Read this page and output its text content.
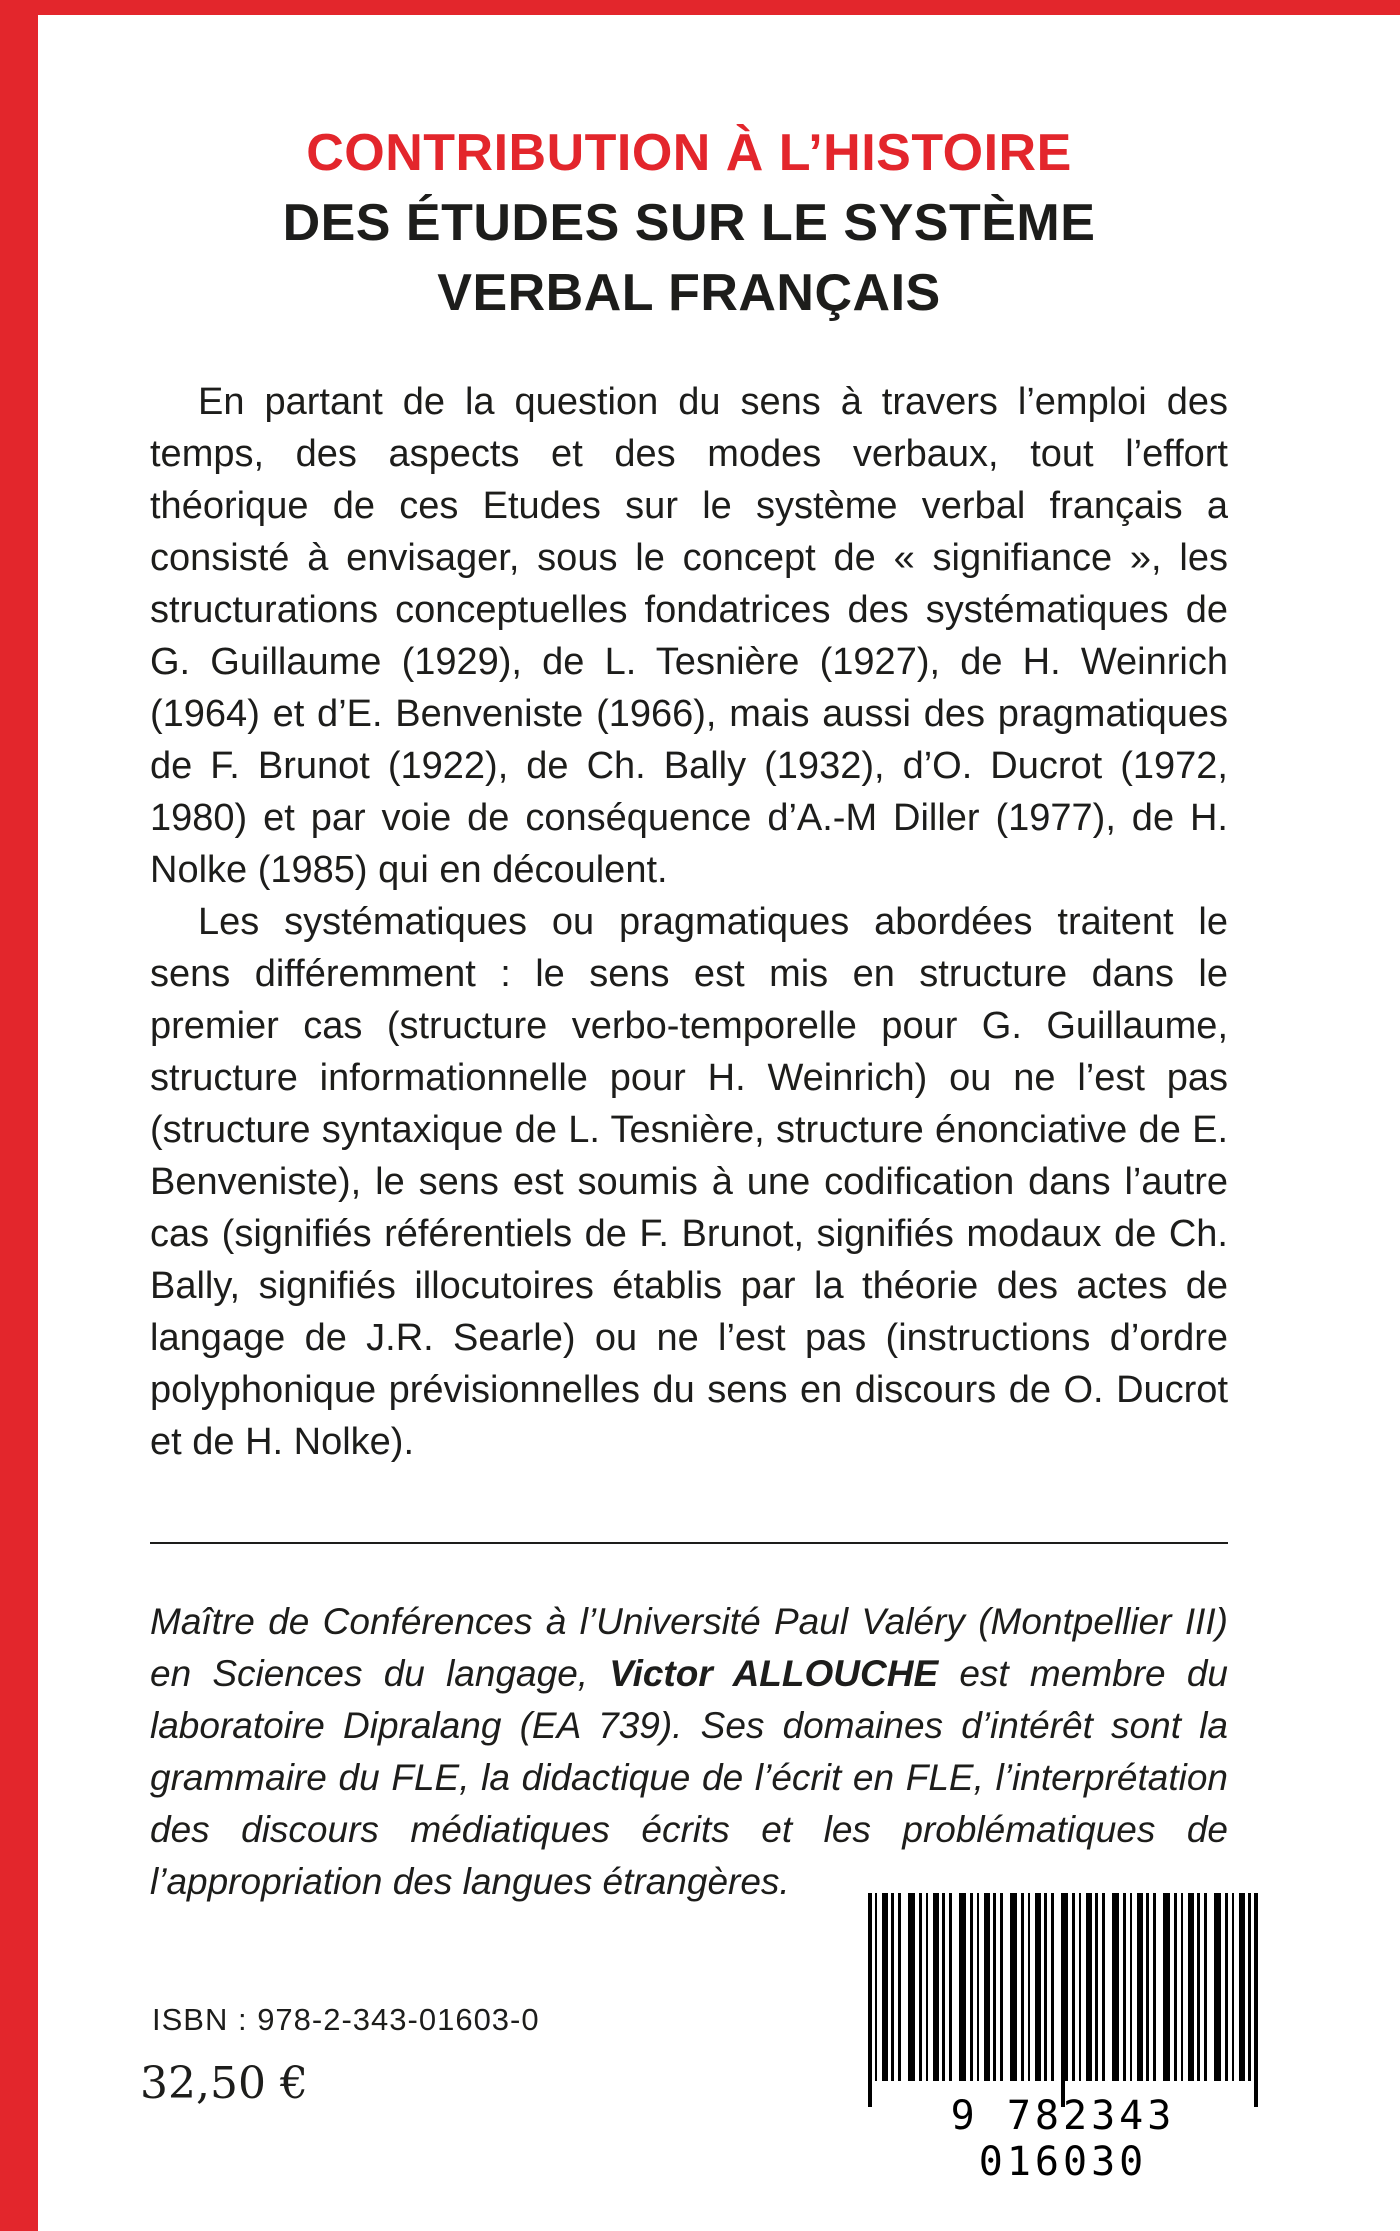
CONTRIBUTION À L’HISTOIRE
DES ÉTUDES SUR LE SYSTÈME
VERBAL FRANÇAIS

En partant de la question du sens à travers l’emploi des temps, des aspects et des modes verbaux, tout l’effort théorique de ces Etudes sur le système verbal français a consisté à envisager, sous le concept de « signifiance », les structurations conceptuelles fondatrices des systématiques de G. Guillaume (1929), de L. Tesnière (1927), de H. Weinrich (1964) et d’E. Benveniste (1966), mais aussi des pragmatiques de F. Brunot (1922), de Ch. Bally (1932), d’O. Ducrot (1972, 1980) et par voie de conséquence d’A.-M Diller (1977), de H. Nolke (1985) qui en découlent.

Les systématiques ou pragmatiques abordées traitent le sens différemment : le sens est mis en structure dans le premier cas (structure verbo-temporelle pour G. Guillaume, structure informationnelle pour H. Weinrich) ou ne l’est pas (structure syntaxique de L. Tesnière, structure énonciative de E. Benveniste), le sens est soumis à une codification dans l’autre cas (signifiés référentiels de F. Brunot, signifiés modaux de Ch. Bally, signifiés illocutoires établis par la théorie des actes de langage de J.R. Searle) ou ne l’est pas (instructions d’ordre polyphonique prévisionnelles du sens en discours de O. Ducrot et de H. Nolke).

Maître de Conférences à l’Université Paul Valéry (Montpellier III) en Sciences du langage, Victor ALLOUCHE est membre du laboratoire Dipralang (EA 739). Ses domaines d’intérêt sont la grammaire du FLE, la didactique de l’écrit en FLE, l’interprétation des discours médiatiques écrits et les problématiques de l’appropriation des langues étrangères.

ISBN : 978-2-343-01603-0
32,50 €
9 782343 016030
